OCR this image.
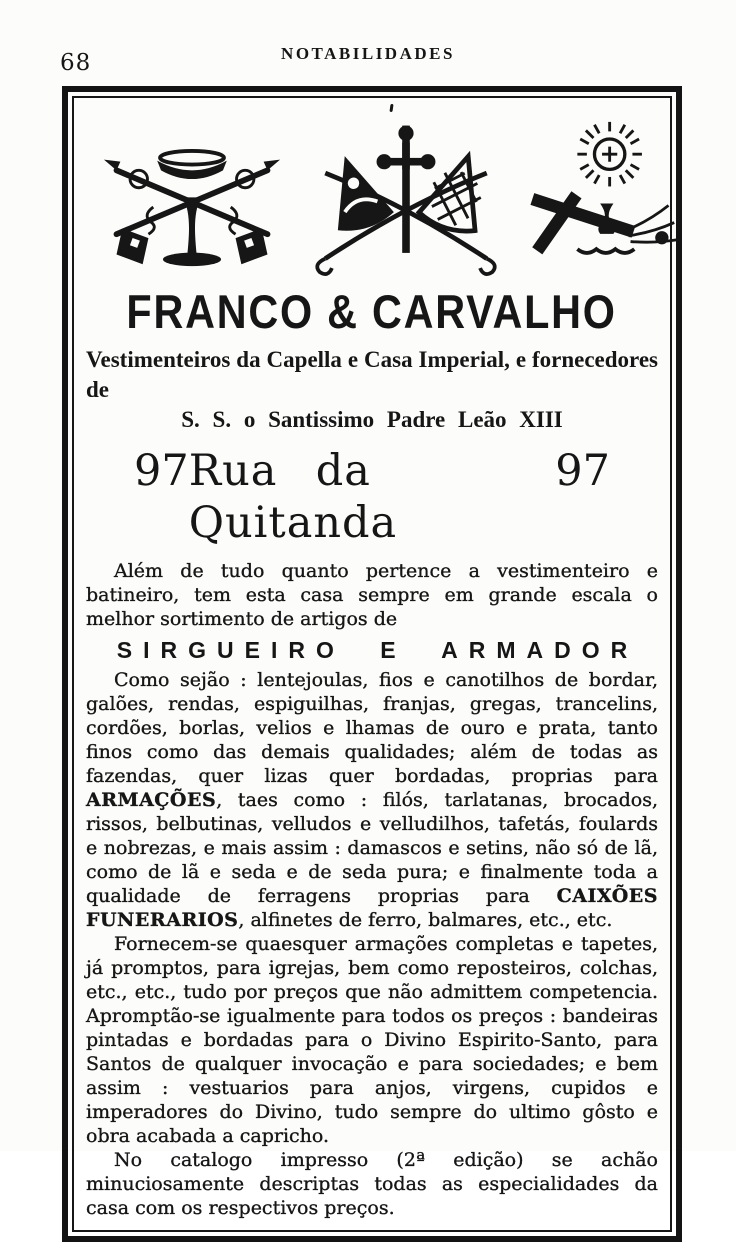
68	NOTABILIDADES
FRANCO & CARVALHO
Vestimenteiros da Capella e Casa Imperial, e fornecedores de
S. S. o Santissimo Padre Leão XIII
97 Rua da Quitanda
97

Além de tudo quanto pertence a vestimenteiro e batineiro, tem esta casa sempre em grande escala o melhor sortimento de artigos de

SIRGUEIRO E ARMADOR

Como sejão : lentejoulas, fios e canotilhos de bordar, galões, rendas, espiguilhas, franjas, gregas, trancelins, cordões, borlas, velios e lhamas de ouro e prata, tanto finos como das demais qualidades; além de todas as fazendas, quer lizas quer bordadas, proprias para ARMAÇÕES, taes como : filós, tarlatanas, brocados, rissos, belbutinas, velludos e velludilhos, tafetás, foulards e nobrezas, e mais assim : damascos e setins, não só de lã, como de lã e seda e de seda pura; e finalmente toda a qualidade de ferragens proprias para CAIXÕES FUNERARIOS, alfinetes de ferro, balmares, etc., etc.

Fornecem-se quaesquer armações completas e tapetes, já promptos, para igrejas, bem como reposteiros, colchas, etc., etc., tudo por preços que não admittem competencia. Apromptão-se igualmente para todos os preços : bandeiras pintadas e bordadas para o Divino Espirito-Santo, para Santos de qualquer invocação e para sociedades; e bem assim : vestuarios para anjos, virgens, cupidos e imperadores do Divino, tudo sempre do ultimo gôsto e obra acabada a capricho.

No catalogo impresso (2ª edição) se achão minuciosamente descriptas todas as especialidades da casa com os respectivos preços.
